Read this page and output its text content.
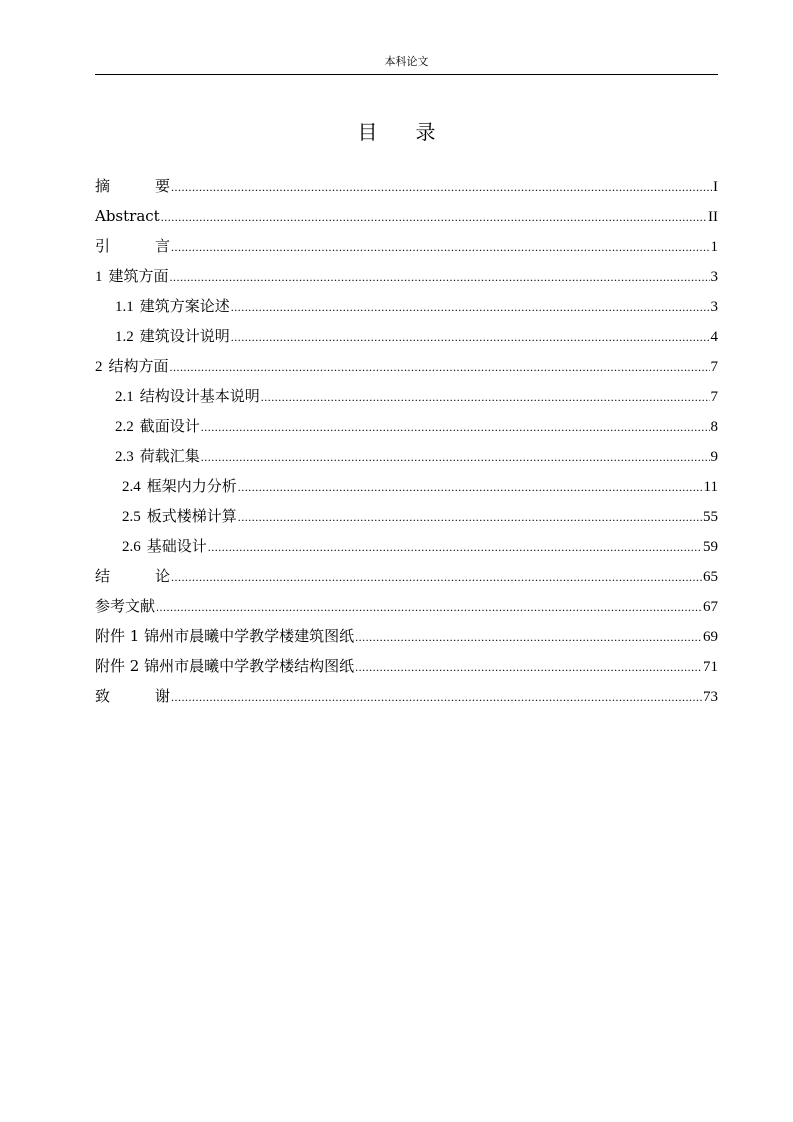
本科论文
目 录
摘	要 .....	I
Abstract .....	II
引	言 .....	1
1 建筑方面 .....	3
1.1 建筑方案论述 .....	3
1.2 建筑设计说明 .....	4
2 结构方面 .....	7
2.1 结构设计基本说明 .....	7
2.2 截面设计 .....	8
2.3 荷载汇集 .....	9
2.4 框架内力分析 .....	11
2.5 板式楼梯计算 .....	55
2.6 基础设计 .....	59
结	论 .....	65
参考文献 .....	67
附件 1 锦州市晨曦中学教学楼建筑图纸 .....	69
附件 2 锦州市晨曦中学教学楼结构图纸 .....	71
致	谢 .....	73
